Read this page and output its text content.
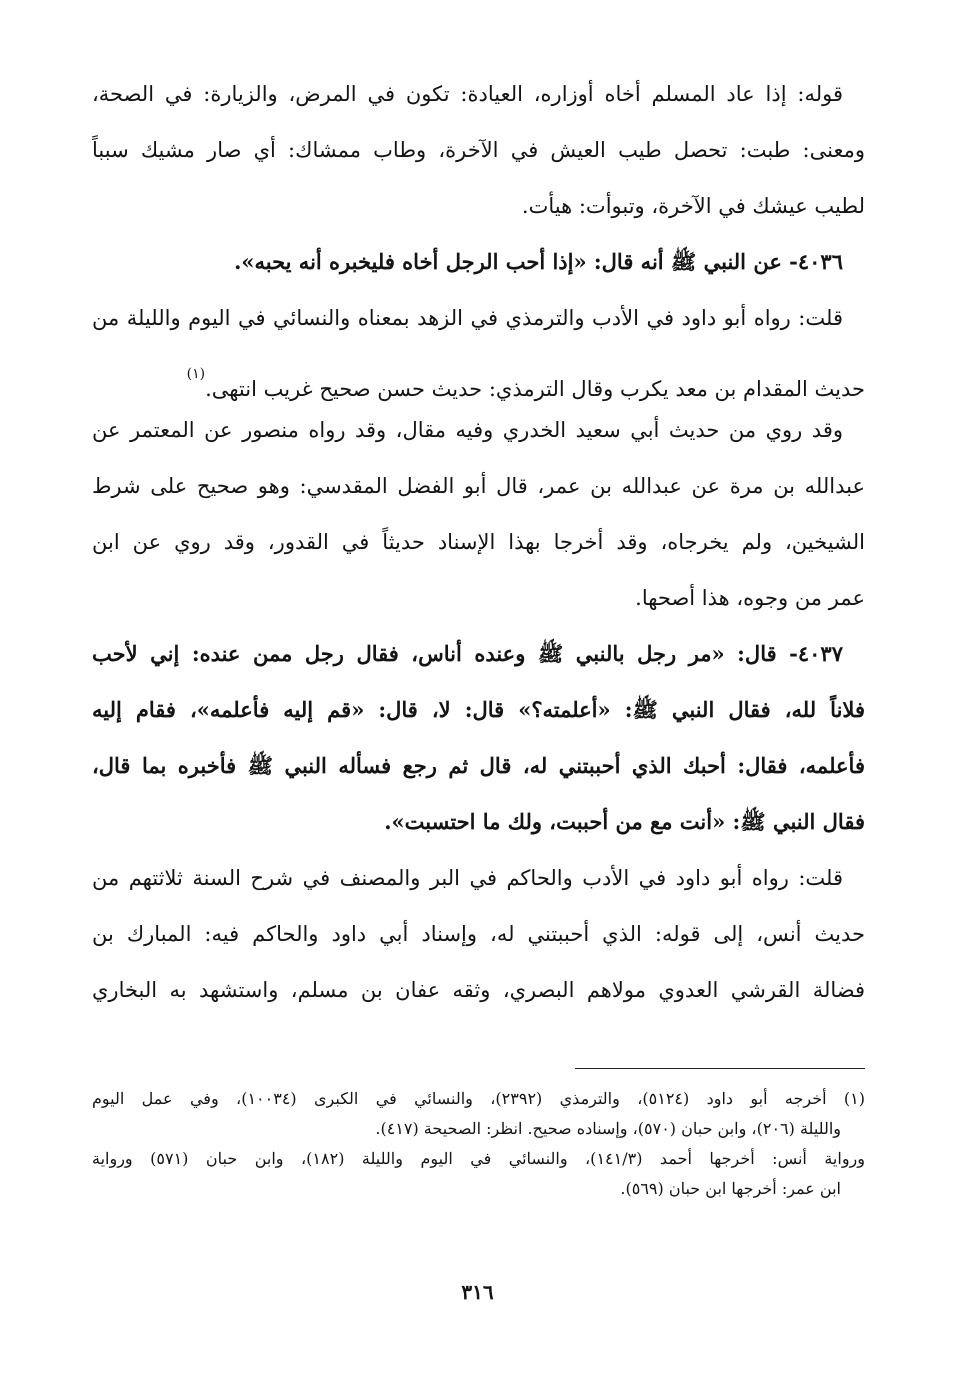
قوله: إذا عاد المسلم أخاه أوزاره، العيادة: تكون في المرض، والزيارة: في الصحة،
ومعنى: طبت: تحصل طيب العيش في الآخرة، وطاب ممشاك: أي صار مشيك سبباً
لطيب عيشك في الآخرة، وتبوأت: هيأت.
٤٠٣٦- عن النبي ﷺ أنه قال: «إذا أحب الرجل أخاه فليخبره أنه يحبه».
قلت: رواه أبو داود في الأدب والترمذي في الزهد بمعناه والنسائي في اليوم والليلة من
حديث المقدام بن معد يكرب وقال الترمذي: حديث حسن صحيح غريب انتهى.$^{(١)}$
وقد روي من حديث أبي سعيد الخدري وفيه مقال، وقد رواه منصور عن المعتمر عن
عبدالله بن مرة عن عبدالله بن عمر، قال أبو الفضل المقدسي: وهو صحيح على شرط
الشيخين، ولم يخرجاه، وقد أخرجا بهذا الإسناد حديثاً في القدور، وقد روي عن ابن
عمر من وجوه، هذا أصحها.
٤٠٣٧- قال: «مر رجل بالنبي ﷺ وعنده أناس، فقال رجل ممن عنده: إني لأحب
فلاناً لله، فقال النبي ﷺ: «أعلمته؟» قال: لا، قال: «قم إليه فأعلمه»، فقام إليه
فأعلمه، فقال: أحبك الذي أحببتني له، قال ثم رجع فسأله النبي ﷺ فأخبره بما قال،
فقال النبي ﷺ: «أنت مع من أحببت، ولك ما احتسبت».
قلت: رواه أبو داود في الأدب والحاكم في البر والمصنف في شرح السنة ثلاثتهم من
حديث أنس، إلى قوله: الذي أحببتني له، وإسناد أبي داود والحاكم فيه: المبارك بن
فضالة القرشي العدوي مولاهم البصري، وثقه عفان بن مسلم، واستشهد به البخاري
(١) أخرجه أبو داود (٥١٢٤)، والترمذي (٢٣٩٢)، والنسائي في الكبرى (١٠٠٣٤)، وفي عمل اليوم
والليلة (٢٠٦)، وابن حبان (٥٧٠)، وإسناده صحيح. انظر: الصحيحة (٤١٧).
ورواية أنس: أخرجها أحمد (١٤١/٣)، والنسائي في اليوم والليلة (١٨٢)، وابن حبان (٥٧١) ورواية
ابن عمر: أخرجها ابن حبان (٥٦٩).
٣١٦
